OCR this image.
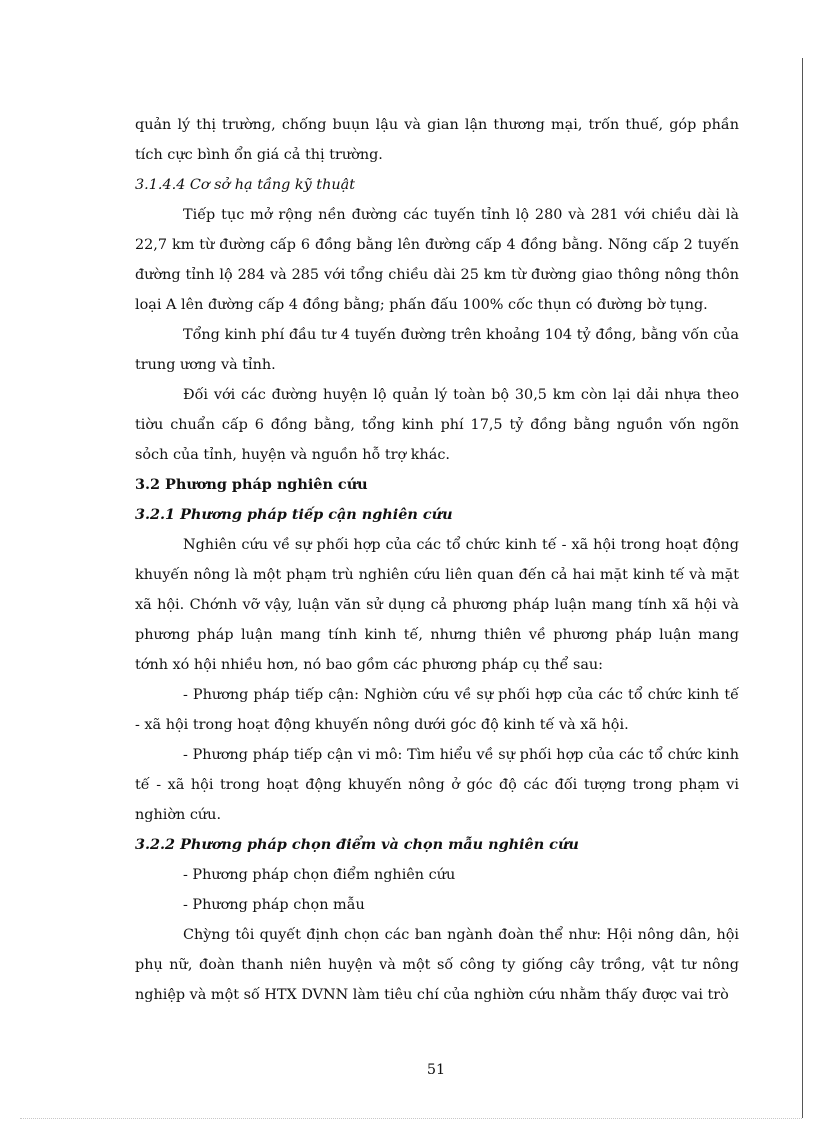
quản lý thị trường, chống buụn lậu và gian lận thương mại, trốn thuế, góp phần tích cực bình ổn giá cả thị trường.

3.1.4.4 Cơ sở hạ tầng kỹ thuật

Tiếp tục mở rộng nền đường các tuyến tỉnh lộ 280 và 281 với chiều dài là 22,7 km từ đường cấp 6 đồng bằng lên đường cấp 4 đồng bằng. Nõng cấp 2 tuyến đường tỉnh lộ 284 và 285 với tổng chiều dài 25 km từ đường giao thông nông thôn loại A lên đường cấp 4 đồng bằng; phấn đấu 100% cốc thụn có đường bờ tụng.

Tổng kinh phí đầu tư 4 tuyến đường trên khoảng 104 tỷ đồng, bằng vốn của trung ương và tỉnh.

Đối với các đường huyện lộ quản lý toàn bộ 30,5 km còn lại dải nhựa theo tiờu chuẩn cấp 6 đồng bằng, tổng kinh phí 17,5 tỷ đồng bằng nguồn vốn ngõn sỏch của tỉnh, huyện và nguồn hỗ trợ khác.

3.2 Phương pháp nghiên cứu

3.2.1 Phương pháp tiếp cận nghiên cứu

Nghiên cứu về sự phối hợp của các tổ chức kinh tế - xã hội trong hoạt động khuyến nông là một phạm trù nghiên cứu liên quan đến cả hai mặt kinh tế và mặt xã hội. Chớnh vỡ vậy, luận văn sử dụng cả phương pháp luận mang tính xã hội và phương pháp luận mang tính kinh tế, nhưng thiên về phương pháp luận mang tớnh xó hội nhiều hơn, nó bao gồm các phương pháp cụ thể sau:

- Phương pháp tiếp cận: Nghiờn cứu về sự phối hợp của các tổ chức kinh tế - xã hội trong hoạt động khuyến nông dưới góc độ kinh tế và xã hội.

- Phương pháp tiếp cận vi mô: Tìm hiểu về sự phối hợp của các tổ chức kinh tế - xã hội trong hoạt động khuyến nông ở góc độ các đối tượng trong phạm vi nghiờn cứu.

3.2.2 Phương pháp chọn điểm và chọn mẫu nghiên cứu

- Phương pháp chọn điểm nghiên cứu

- Phương pháp chọn mẫu

Chỳng tôi quyết định chọn các ban ngành đoàn thể như: Hội nông dân, hội phụ nữ, đoàn thanh niên huyện và một số công ty giống cây trồng, vật tư nông nghiệp và một số HTX DVNN làm tiêu chí của nghiờn cứu nhằm thấy được vai trò

51
